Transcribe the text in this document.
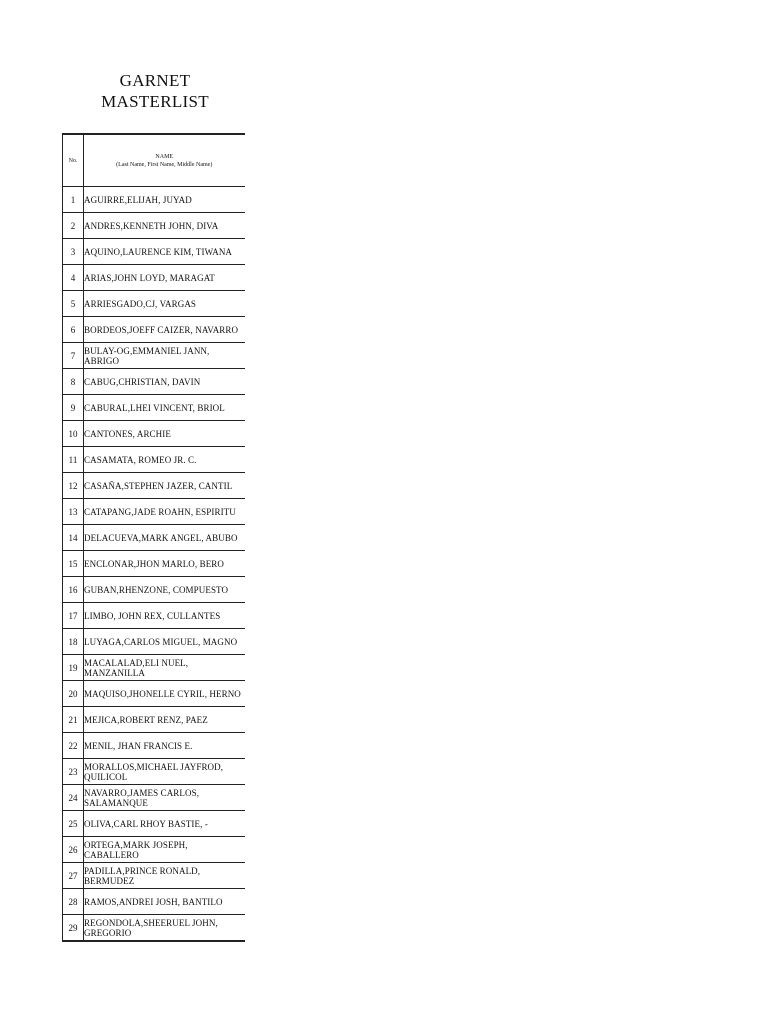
GARNET
MASTERLIST
No.	NAME
(Last Name, First Name, Middle Name)

1	AGUIRRE,ELIJAH, JUYAD
2	ANDRES,KENNETH JOHN, DIVA
3	AQUINO,LAURENCE KIM, TIWANA
4	ARIAS,JOHN LOYD, MARAGAT
5	ARRIESGADO,CJ, VARGAS
6	BORDEOS,JOEFF CAIZER, NAVARRO
7	BULAY-OG,EMMANIEL JANN, ABRIGO
8	CABUG,CHRISTIAN, DAVIN
9	CABURAL,LHEI VINCENT, BRIOL
10	CANTONES, ARCHIE
11	CASAMATA, ROMEO JR. C.
12	CASAÑA,STEPHEN JAZER, CANTIL
13	CATAPANG,JADE ROAHN, ESPIRITU
14	DELACUEVA,MARK ANGEL, ABUBO
15	ENCLONAR,JHON MARLO, BERO
16	GUBAN,RHENZONE, COMPUESTO
17	LIMBO, JOHN REX, CULLANTES
18	LUYAGA,CARLOS MIGUEL, MAGNO
19	MACALALAD,ELI NUEL, MANZANILLA
20	MAQUISO,JHONELLE CYRIL, HERNO
21	MEJICA,ROBERT RENZ, PAEZ
22	MENIL, JHAN FRANCIS E.
23	MORALLOS,MICHAEL JAYFROD, QUILICOL
24	NAVARRO,JAMES CARLOS, SALAMANQUE
25	OLIVA,CARL RHOY BASTIE, -
26	ORTEGA,MARK JOSEPH, CABALLERO
27	PADILLA,PRINCE RONALD, BERMUDEZ
28	RAMOS,ANDREI JOSH, BANTILO
29	REGONDOLA,SHEERUEL JOHN, GREGORIO
